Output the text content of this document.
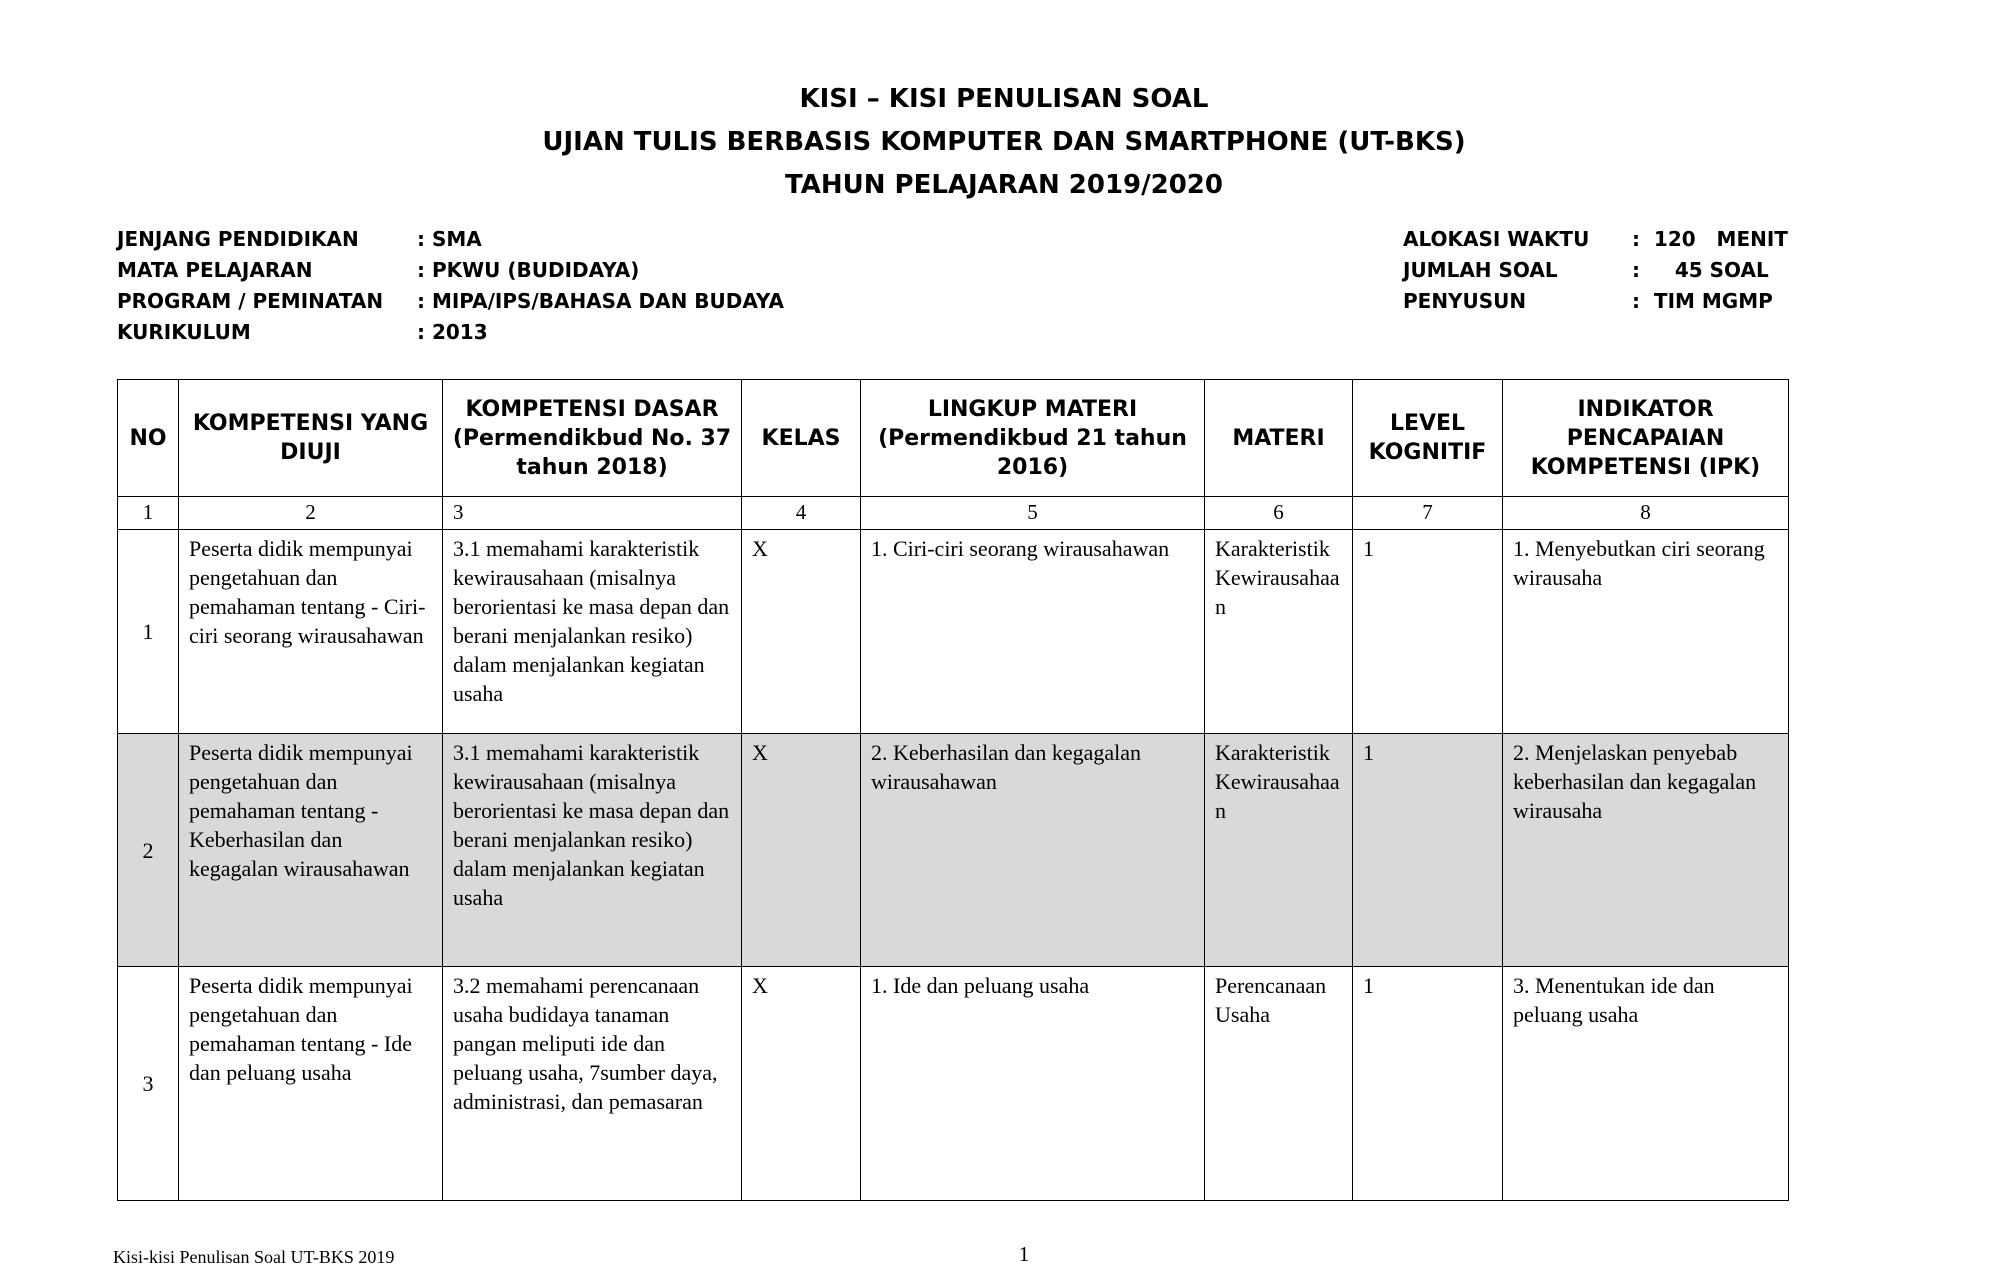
KISI – KISI PENULISAN SOAL
UJIAN TULIS BERBASIS KOMPUTER DAN SMARTPHONE (UT-BKS)
TAHUN PELAJARAN 2019/2020
JENJANG PENDIDIKAN	: SMA
MATA PELAJARAN	: PKWU (BUDIDAYA)
PROGRAM / PEMINATAN : MIPA/IPS/BAHASA DAN BUDAYA
KURIKULUM	: 2013
ALOKASI WAKTU :  120   MENIT
JUMLAH SOAL	:     45 SOAL
PENYUSUN	:  TIM MGMP
NO	KOMPETENSI YANG DIUJI	KOMPETENSI DASAR (Permendikbud No. 37 tahun 2018)	KELAS	LINGKUP MATERI (Permendikbud 21 tahun 2016)	MATERI	LEVEL KOGNITIF	INDIKATOR PENCAPAIAN KOMPETENSI (IPK)
1	2	3	4	5	6	7	8
1	Peserta didik mempunyai pengetahuan dan pemahaman tentang - Ciri-ciri seorang wirausahawan	3.1 memahami karakteristik kewirausahaan (misalnya berorientasi ke masa depan dan berani menjalankan resiko) dalam menjalankan kegiatan usaha	X	1. Ciri-ciri seorang wirausahawan	Karakteristik Kewirausahaan	1	1. Menyebutkan ciri seorang wirausaha
2	Peserta didik mempunyai pengetahuan dan pemahaman tentang - Keberhasilan dan kegagalan wirausahawan	3.1 memahami karakteristik kewirausahaan (misalnya berorientasi ke masa depan dan berani menjalankan resiko) dalam menjalankan kegiatan usaha	X	2. Keberhasilan dan kegagalan wirausahawan	Karakteristik Kewirausahaan	1	2. Menjelaskan penyebab keberhasilan dan kegagalan wirausaha
3	Peserta didik mempunyai pengetahuan dan pemahaman tentang - Ide dan peluang usaha	3.2 memahami perencanaan usaha budidaya tanaman pangan meliputi ide dan peluang usaha, 7sumber daya, administrasi, dan pemasaran	X	1. Ide dan peluang usaha	Perencanaan Usaha	1	3. Menentukan ide dan peluang usaha
Kisi-kisi Penulisan Soal UT-BKS 2019	1
